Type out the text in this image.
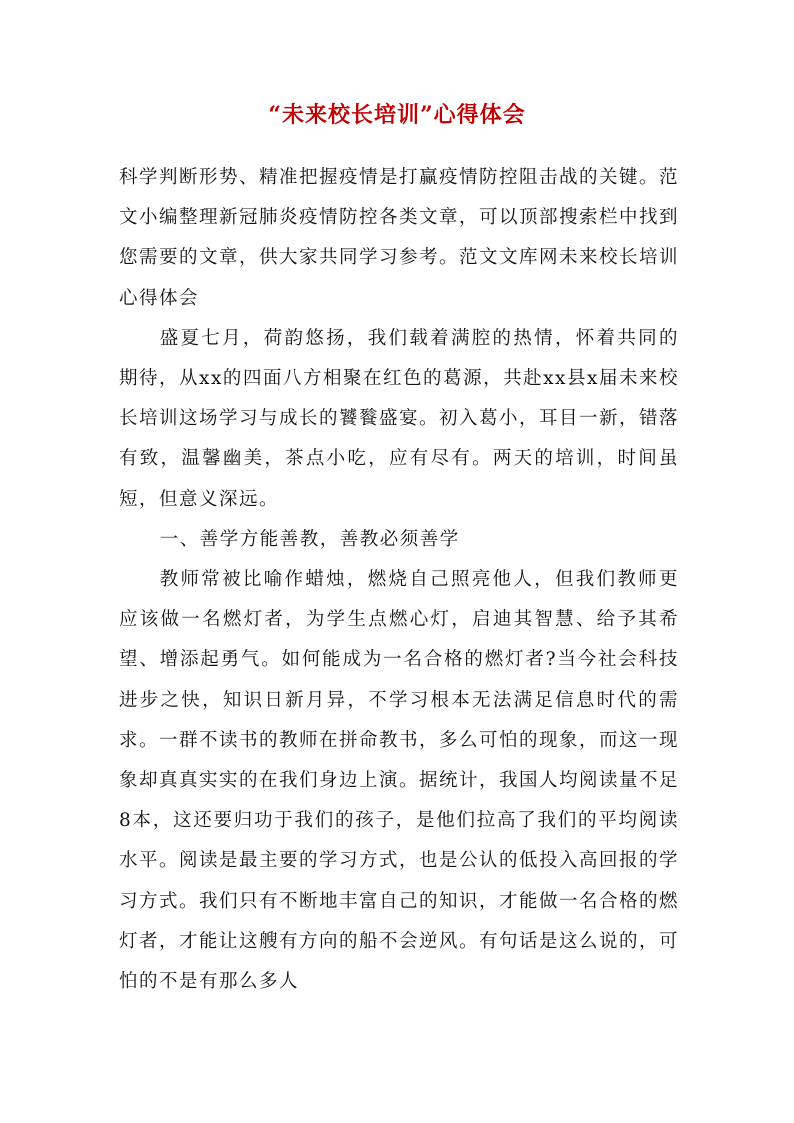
“未来校长培训”心得体会

科学判断形势、精准把握疫情是打赢疫情防控阻击战的关键。范文小编整理新冠肺炎疫情防控各类文章，可以顶部搜索栏中找到您需要的文章，供大家共同学习参考。范文文库网未来校长培训心得体会

盛夏七月，荷韵悠扬，我们载着满腔的热情，怀着共同的期待，从xx的四面八方相聚在红色的葛源，共赴xx县x届未来校长培训这场学习与成长的饕餮盛宴。初入葛小，耳目一新，错落有致，温馨幽美，茶点小吃，应有尽有。两天的培训，时间虽短，但意义深远。

一、善学方能善教，善教必须善学

教师常被比喻作蜡烛，燃烧自己照亮他人，但我们教师更应该做一名燃灯者，为学生点燃心灯，启迪其智慧、给予其希望、增添起勇气。如何能成为一名合格的燃灯者?当今社会科技进步之快，知识日新月异，不学习根本无法满足信息时代的需求。一群不读书的教师在拼命教书，多么可怕的现象，而这一现象却真真实实的在我们身边上演。据统计，我国人均阅读量不足8本，这还要归功于我们的孩子，是他们拉高了我们的平均阅读水平。阅读是最主要的学习方式，也是公认的低投入高回报的学习方式。我们只有不断地丰富自己的知识，才能做一名合格的燃灯者，才能让这艘有方向的船不会逆风。有句话是这么说的，可怕的不是有那么多人
